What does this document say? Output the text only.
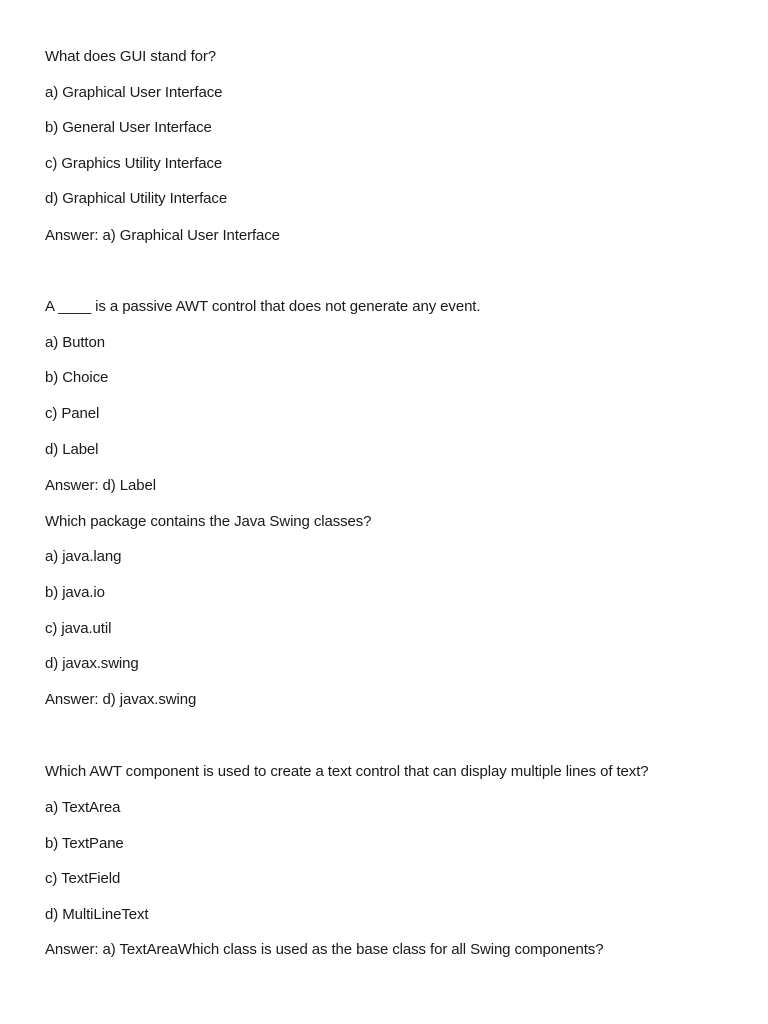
What does GUI stand for?
a) Graphical User Interface
b) General User Interface
c) Graphics Utility Interface
d) Graphical Utility Interface
Answer: a) Graphical User Interface
A ____ is a passive AWT control that does not generate any event.
a) Button
b) Choice
c) Panel
d) Label
Answer: d) Label
Which package contains the Java Swing classes?
a) java.lang
b) java.io
c) java.util
d) javax.swing
Answer: d) javax.swing
Which AWT component is used to create a text control that can display multiple lines of text?
a) TextArea
b) TextPane
c) TextField
d) MultiLineText
Answer: a) TextAreaWhich class is used as the base class for all Swing components?
